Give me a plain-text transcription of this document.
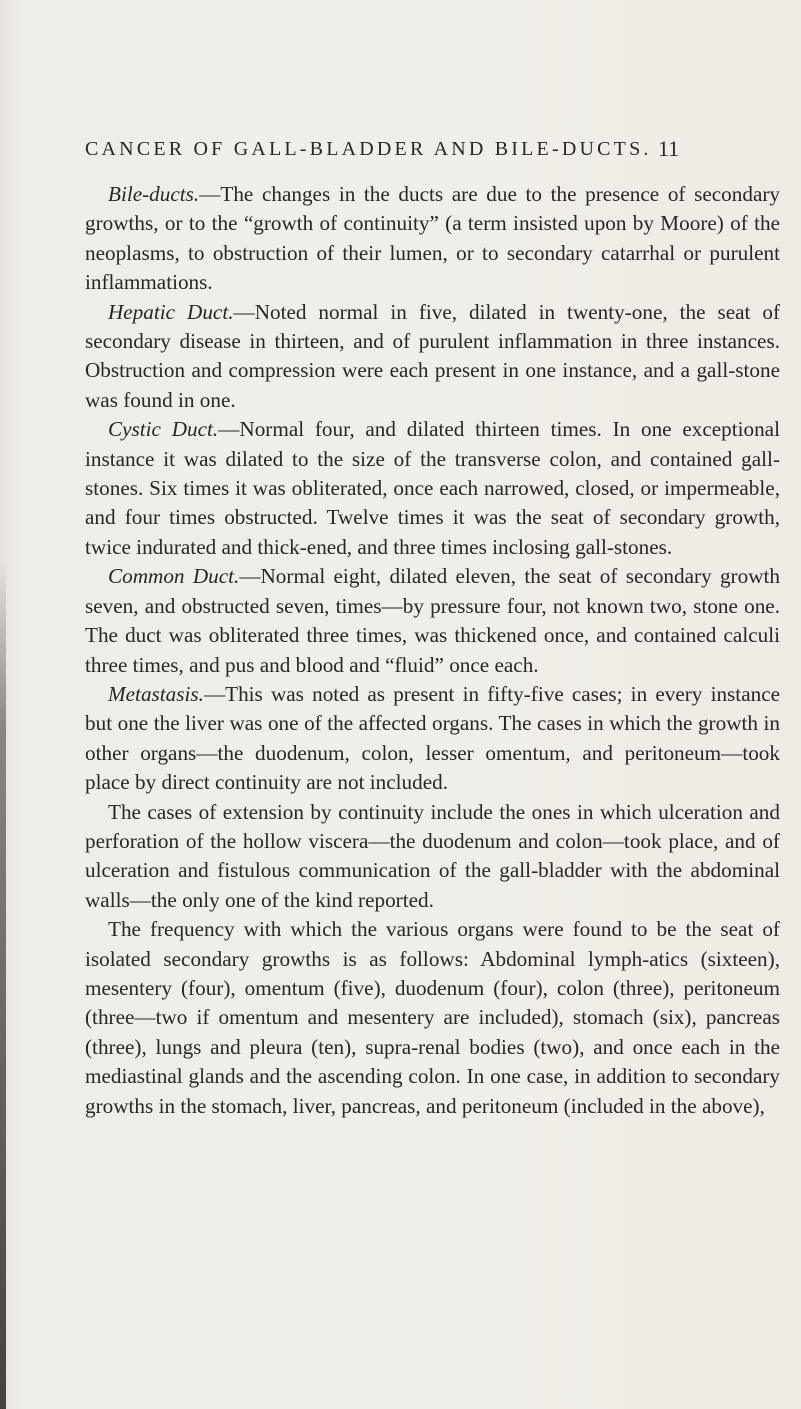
CANCER OF GALL-BLADDER AND BILE-DUCTS. 11

Bile-ducts.—The changes in the ducts are due to the presence of secondary growths, or to the “growth of continuity” (a term insisted upon by Moore) of the neoplasms, to obstruction of their lumen, or to secondary catarrhal or purulent inflammations.

Hepatic Duct.—Noted normal in five, dilated in twenty-one, the seat of secondary disease in thirteen, and of purulent inflammation in three instances. Obstruction and compression were each present in one instance, and a gall-stone was found in one.

Cystic Duct.—Normal four, and dilated thirteen times. In one exceptional instance it was dilated to the size of the transverse colon, and contained gall-stones. Six times it was obliterated, once each narrowed, closed, or impermeable, and four times obstructed. Twelve times it was the seat of secondary growth, twice indurated and thick-ened, and three times inclosing gall-stones.

Common Duct.—Normal eight, dilated eleven, the seat of secondary growth seven, and obstructed seven, times—by pressure four, not known two, stone one. The duct was obliterated three times, was thickened once, and contained calculi three times, and pus and blood and “fluid” once each.

Metastasis.—This was noted as present in fifty-five cases; in every instance but one the liver was one of the affected organs. The cases in which the growth in other organs—the duodenum, colon, lesser omentum, and peritoneum—took place by direct continuity are not included.

The cases of extension by continuity include the ones in which ulceration and perforation of the hollow viscera—the duodenum and colon—took place, and of ulceration and fistulous communication of the gall-bladder with the abdominal walls—the only one of the kind reported.

The frequency with which the various organs were found to be the seat of isolated secondary growths is as follows: Abdominal lymph-atics (sixteen), mesentery (four), omentum (five), duodenum (four), colon (three), peritoneum (three—two if omentum and mesentery are included), stomach (six), pancreas (three), lungs and pleura (ten), supra-renal bodies (two), and once each in the mediastinal glands and the ascending colon. In one case, in addition to secondary growths in the stomach, liver, pancreas, and peritoneum (included in the above),
